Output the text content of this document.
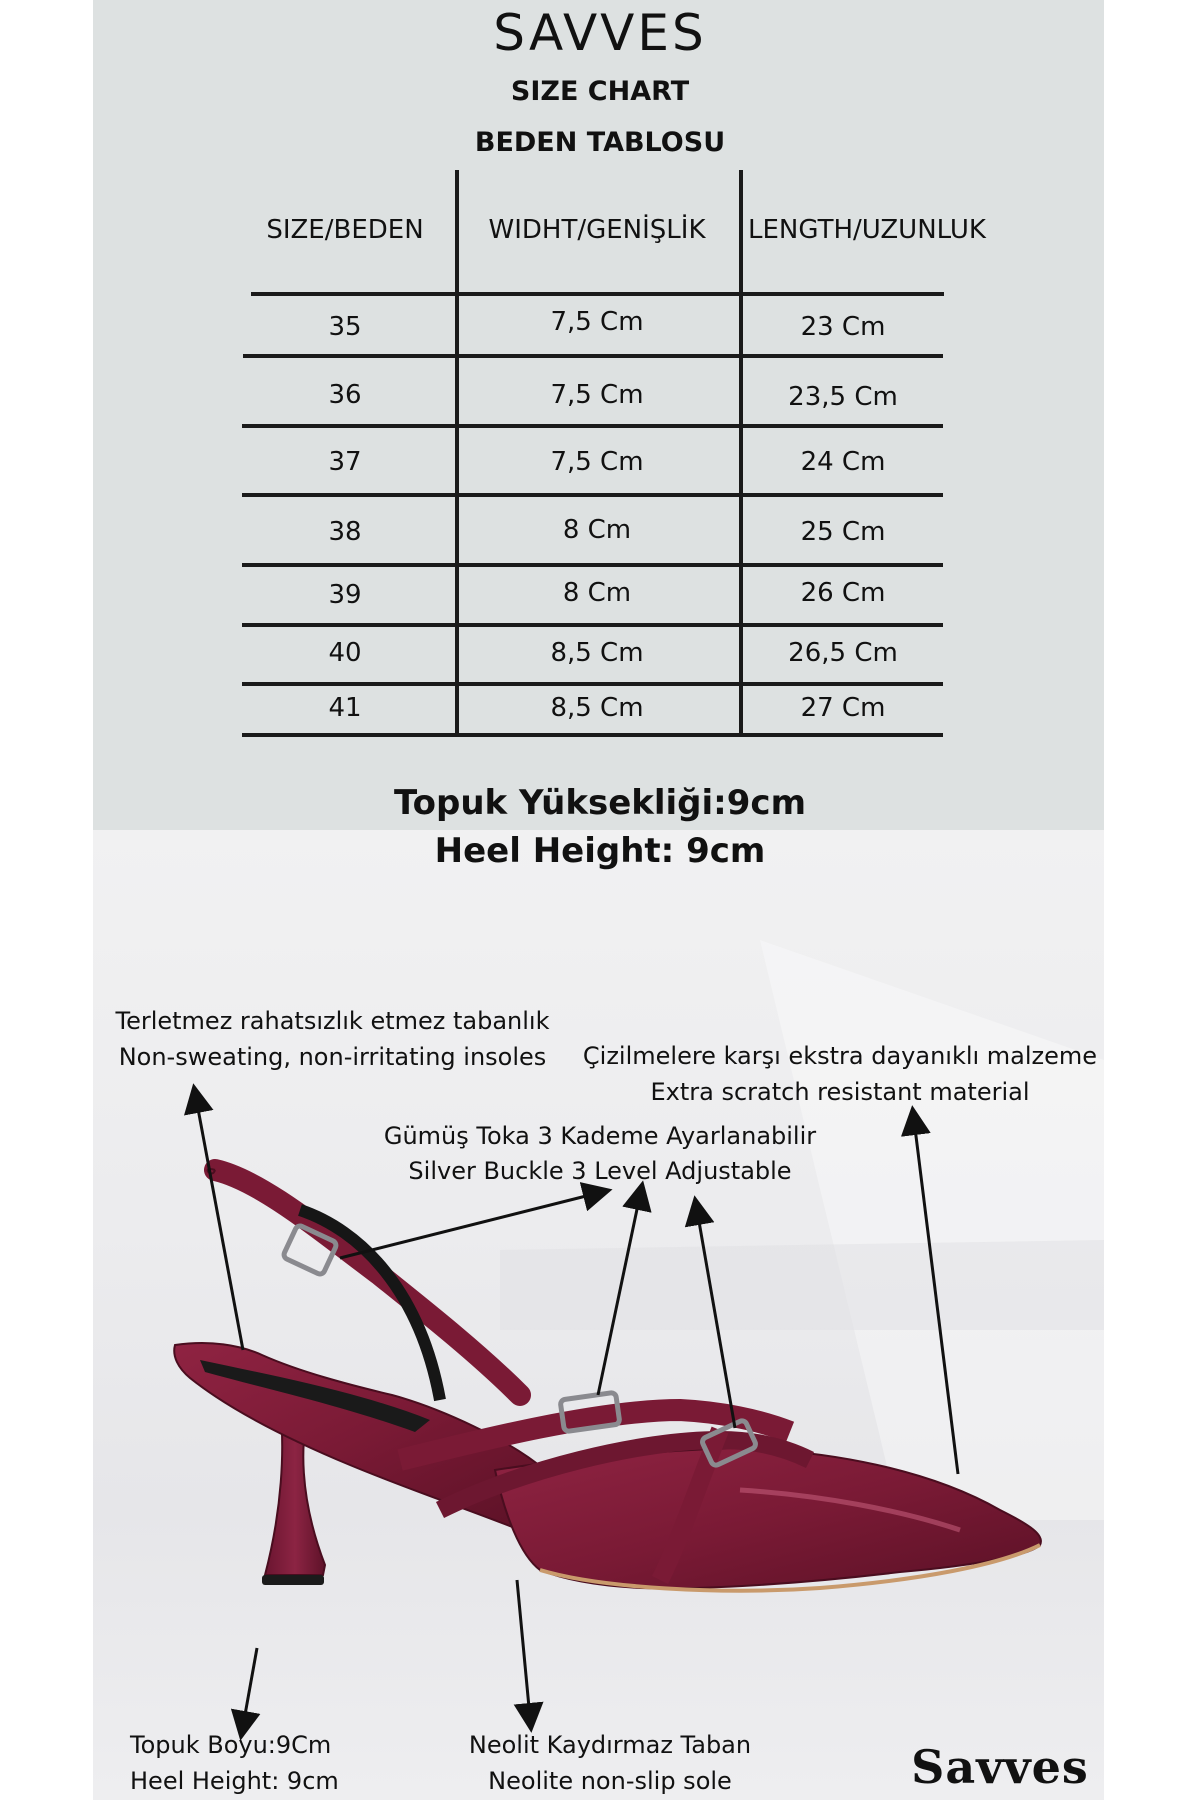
SAVVES
SIZE CHART
BEDEN TABLOSU
SIZE/BEDEN	WIDHT/GENİŞLİK	LENGTH/UZUNLUK
35	7,5 Cm	23 Cm
36	7,5 Cm	23,5 Cm
37	7,5 Cm	24 Cm
38	8 Cm	25 Cm
39	8 Cm	26 Cm
40	8,5 Cm	26,5 Cm
41	8,5 Cm	27 Cm
Topuk Yüksekliği:9cm
Heel Height: 9cm
Terletmez rahatsızlık etmez tabanlık
Non-sweating, non-irritating insoles	Çizilmelere karşı ekstra dayanıklı malzeme
Extra scratch resistant material
Gümüş Toka 3 Kademe Ayarlanabilir
Silver Buckle 3 Level Adjustable
Topuk Boyu:9Cm
Heel Height: 9cm
Neolit Kaydırmaz Taban
Neolite non-slip sole	Savves
